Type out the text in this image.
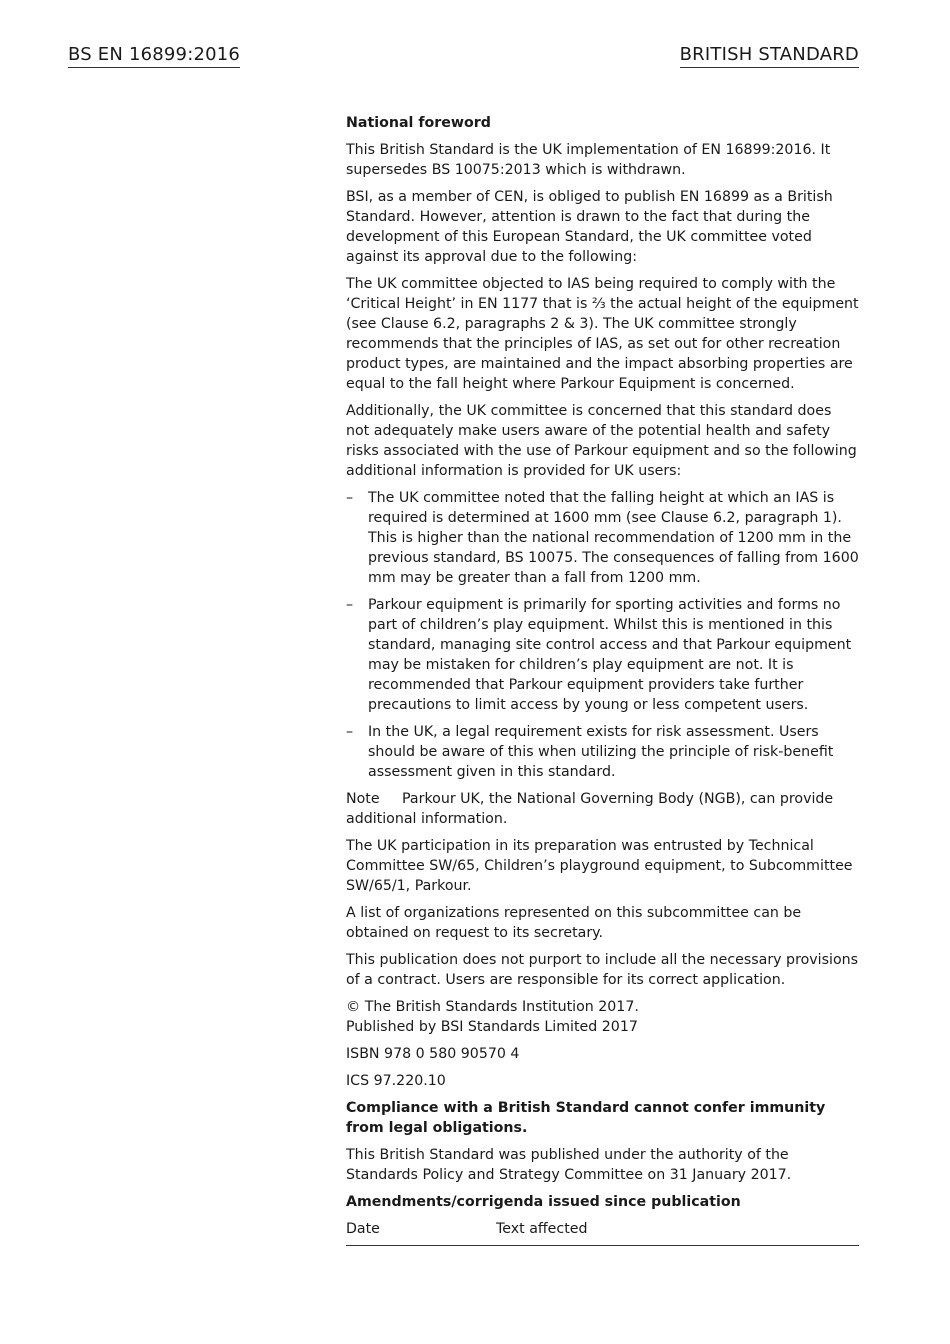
BS EN 16899:2016	BRITISH STANDARD

National foreword

This British Standard is the UK implementation of EN 16899:2016. It supersedes BS 10075:2013 which is withdrawn.

BSI, as a member of CEN, is obliged to publish EN 16899 as a British Standard. However, attention is drawn to the fact that during the development of this European Standard, the UK committee voted against its approval due to the following:

The UK committee objected to IAS being required to comply with the ‘Critical Height’ in EN 1177 that is ⅔ the actual height of the equipment (see Clause 6.2, paragraphs 2 & 3). The UK committee strongly recommends that the principles of IAS, as set out for other recreation product types, are maintained and the impact absorbing properties are equal to the fall height where Parkour Equipment is concerned.

Additionally, the UK committee is concerned that this standard does not adequately make users aware of the potential health and safety risks associated with the use of Parkour equipment and so the following additional information is provided for UK users:

– The UK committee noted that the falling height at which an IAS is required is determined at 1600 mm (see Clause 6.2, paragraph 1). This is higher than the national recommendation of 1200 mm in the previous standard, BS 10075. The consequences of falling from 1600 mm may be greater than a fall from 1200 mm.
– Parkour equipment is primarily for sporting activities and forms no part of children’s play equipment. Whilst this is mentioned in this standard, managing site control access and that Parkour equipment may be mistaken for children’s play equipment are not. It is recommended that Parkour equipment providers take further precautions to limit access by young or less competent users.
– In the UK, a legal requirement exists for risk assessment. Users should be aware of this when utilizing the principle of risk-benefit assessment given in this standard.

Note Parkour UK, the National Governing Body (NGB), can provide additional information.

The UK participation in its preparation was entrusted by Technical Committee SW/65, Children’s playground equipment, to Subcommittee SW/65/1, Parkour.

A list of organizations represented on this subcommittee can be obtained on request to its secretary.

This publication does not purport to include all the necessary provisions of a contract. Users are responsible for its correct application.

© The British Standards Institution 2017.
Published by BSI Standards Limited 2017

ISBN 978 0 580 90570 4

ICS 97.220.10

Compliance with a British Standard cannot confer immunity from legal obligations.

This British Standard was published under the authority of the Standards Policy and Strategy Committee on 31 January 2017.

Amendments/corrigenda issued since publication

Date	Text affected
